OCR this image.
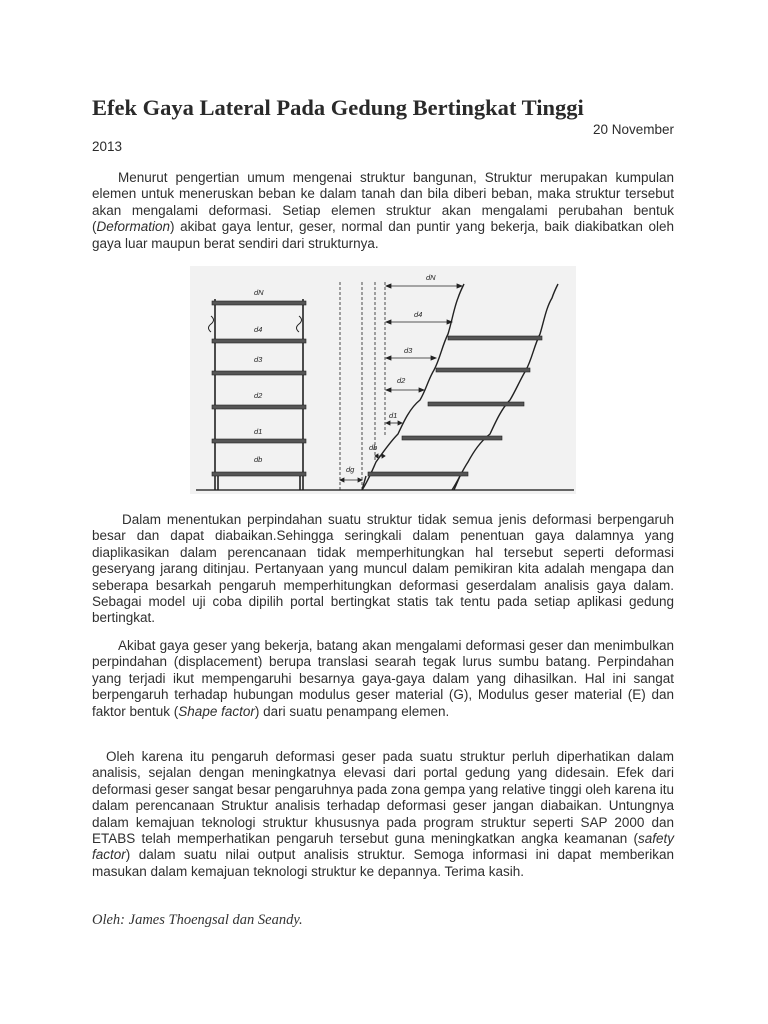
Efek Gaya Lateral Pada Gedung Bertingkat Tinggi
20 November
2013

Menurut pengertian umum mengenai struktur bangunan, Struktur merupakan kumpulan elemen untuk meneruskan beban ke dalam tanah dan bila diberi beban, maka struktur tersebut akan mengalami deformasi. Setiap elemen struktur akan mengalami perubahan bentuk (Deformation) akibat gaya lentur, geser, normal dan puntir yang bekerja, baik diakibatkan oleh gaya luar maupun berat sendiri dari strukturnya.

dN
d4
d3
d2
d1
db
dN
d4
d3
d2
d1
db
dg

Dalam menentukan perpindahan suatu struktur tidak semua jenis deformasi berpengaruh besar dan dapat diabaikan.Sehingga seringkali dalam penentuan gaya dalamnya yang diaplikasikan dalam perencanaan tidak memperhitungkan hal tersebut seperti deformasi geseryang jarang ditinjau. Pertanyaan yang muncul dalam pemikiran kita adalah mengapa dan seberapa besarkah pengaruh memperhitungkan deformasi geserdalam analisis gaya dalam. Sebagai model uji coba dipilih portal bertingkat statis tak tentu pada setiap aplikasi gedung bertingkat.

Akibat gaya geser yang bekerja, batang akan mengalami deformasi geser dan menimbulkan perpindahan (displacement) berupa translasi searah tegak lurus sumbu batang. Perpindahan yang terjadi ikut mempengaruhi besarnya gaya-gaya dalam yang dihasilkan. Hal ini sangat berpengaruh terhadap hubungan modulus geser material (G), Modulus geser material (E) dan faktor bentuk (Shape factor) dari suatu penampang elemen.

Oleh karena itu pengaruh deformasi geser pada suatu struktur perluh diperhatikan dalam analisis, sejalan dengan meningkatnya elevasi dari portal gedung yang didesain. Efek dari deformasi geser sangat besar pengaruhnya pada zona gempa yang relative tinggi oleh karena itu dalam perencanaan Struktur analisis terhadap deformasi geser jangan diabaikan. Untungnya dalam kemajuan teknologi struktur khususnya pada program struktur seperti SAP 2000 dan ETABS telah memperhatikan pengaruh tersebut guna meningkatkan angka keamanan (safety factor) dalam suatu nilai output analisis struktur. Semoga informasi ini dapat memberikan masukan dalam kemajuan teknologi struktur ke depannya. Terima kasih.

Oleh: James Thoengsal dan Seandy.
